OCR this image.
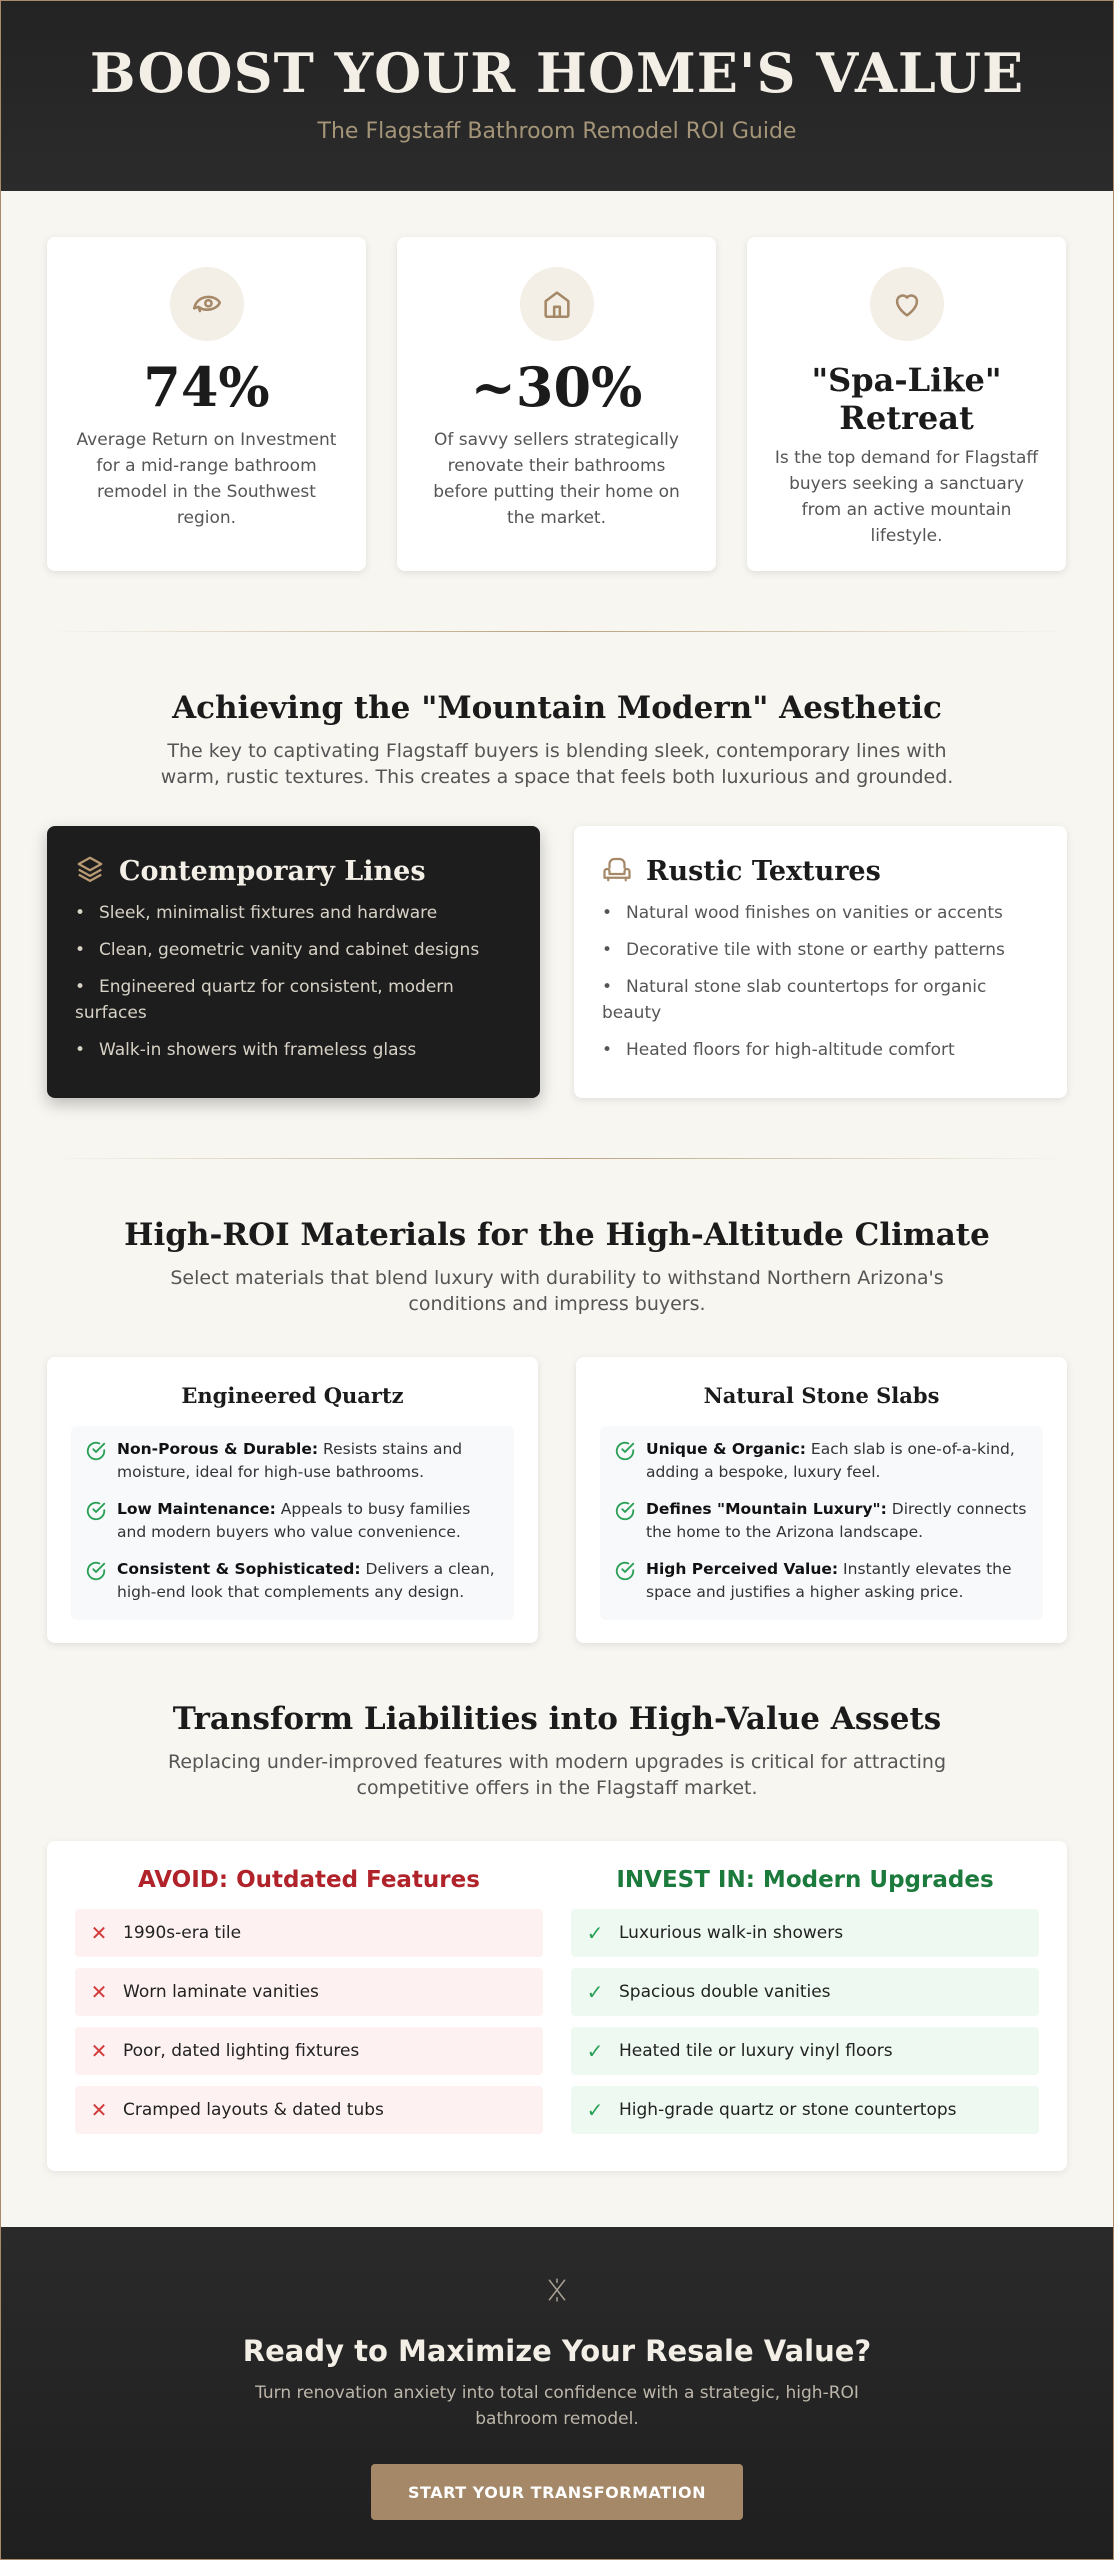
BOOST YOUR HOME'S VALUE

The Flagstaff Bathroom Remodel ROI Guide

74%
Average Return on Investment for a mid-range bathroom remodel in the Southwest region.
~30%
Of savvy sellers strategically renovate their bathrooms before putting their home on the market.
"Spa-Like" Retreat
Is the top demand for Flagstaff buyers seeking a sanctuary from an active mountain lifestyle.
Achieving the "Mountain Modern" Aesthetic

The key to captivating Flagstaff buyers is blending sleek, contemporary lines with warm, rustic textures. This creates a space that feels both luxurious and grounded.

Contemporary Lines
• Sleek, minimalist fixtures and hardware
• Clean, geometric vanity and cabinet designs
• Engineered quartz for consistent, modern surfaces
• Walk-in showers with frameless glass
Rustic Textures
• Natural wood finishes on vanities or accents
• Decorative tile with stone or earthy patterns
• Natural stone slab countertops for organic beauty
• Heated floors for high-altitude comfort
High-ROI Materials for the High-Altitude Climate

Select materials that blend luxury with durability to withstand Northern Arizona's conditions and impress buyers.

Engineered Quartz
Non-Porous & Durable: Resists stains and moisture, ideal for high-use bathrooms.
Low Maintenance: Appeals to busy families and modern buyers who value convenience.
Consistent & Sophisticated: Delivers a clean, high-end look that complements any design.
Natural Stone Slabs
Unique & Organic: Each slab is one-of-a-kind, adding a bespoke, luxury feel.
Defines "Mountain Luxury": Directly connects the home to the Arizona landscape.
High Perceived Value: Instantly elevates the space and justifies a higher asking price.
Transform Liabilities into High-Value Assets

Replacing under-improved features with modern upgrades is critical for attracting competitive offers in the Flagstaff market.

AVOID: Outdated Features
✕ 1990s-era tile
✕ Worn laminate vanities
✕ Poor, dated lighting fixtures
✕ Cramped layouts & dated tubs
INVEST IN: Modern Upgrades
✓ Luxurious walk-in showers
✓ Spacious double vanities
✓ Heated tile or luxury vinyl floors
✓ High-grade quartz or stone countertops
Ready to Maximize Your Resale Value?

Turn renovation anxiety into total confidence with a strategic, high-ROI bathroom remodel.

START YOUR TRANSFORMATION
